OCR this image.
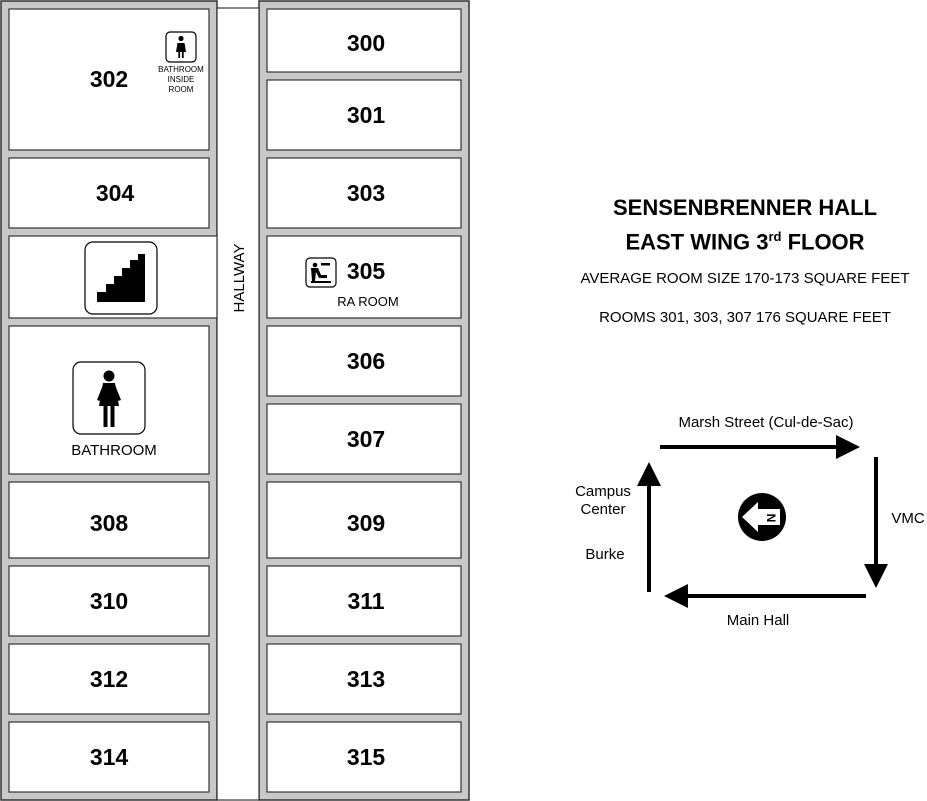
HALLWAY
302	BATHROOM
INSIDE
ROOM
304
BATHROOM
308
310
312
314
300
301
303
305
RA ROOM
306
307
309
311
313
315
Marsh Street (Cul-de-Sac)
Campus
Center
Burke
VMC
Main Hall
N
SENSENBRENNER HALL
EAST WING 3rd FLOOR
AVERAGE ROOM SIZE 170-173 SQUARE FEET
ROOMS 301, 303, 307 176 SQUARE FEET
